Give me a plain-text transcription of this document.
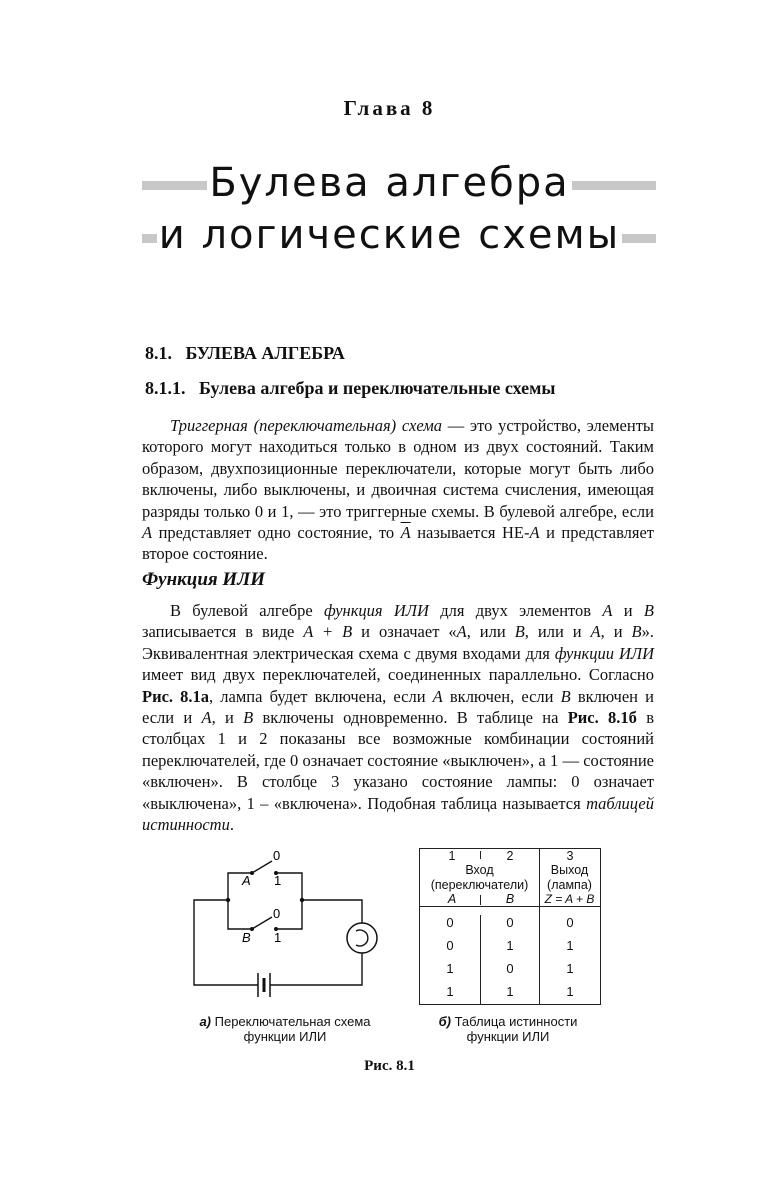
Глава 8
Булева алгебра
и логические схемы
8.1. БУЛЕВА АЛГЕБРА
8.1.1. Булева алгебра и переключательные схемы

Триггерная (переключательная) схема — это устройство, элементы которого могут находиться только в одном из двух состояний. Таким образом, двухпозиционные переключатели, которые могут быть либо включены, либо выключены, и двоичная система счисления, имеющая разряды только 0 и 1, — это триггерные схемы. В булевой алгебре, если A представляет одно состояние, то $\overline{A}$ называется НЕ-A и представляет второе состояние.

Функция ИЛИ

В булевой алгебре функция ИЛИ для двух элементов A и B записывается в виде A + B и означает «A, или B, или и A, и B». Эквивалентная электрическая схема с двумя входами для функции ИЛИ имеет вид двух переключателей, соединенных параллельно. Согласно Рис. 8.1а, лампа будет включена, если A включен, если B включен и если и A, и B включены одновременно. В таблице на Рис. 8.1б в столбцах 1 и 2 показаны все возможные комбинации состояний переключателей, где 0 означает состояние «выключен», а 1 — состояние «включен». В столбце 3 указано состояние лампы: 0 означает «выключена», 1 – «включена». Подобная таблица называется таблицей истинности.

0
A 1
0
B 1
1	2	3
Вход
(переключатели)
Выход
(лампа)
A	B	Z = A + B
0	0	0
0	1	1
1	0	1
1	1	1
а) Переключательная схема
функции ИЛИ
б) Таблица истинности
функции ИЛИ
Рис. 8.1
